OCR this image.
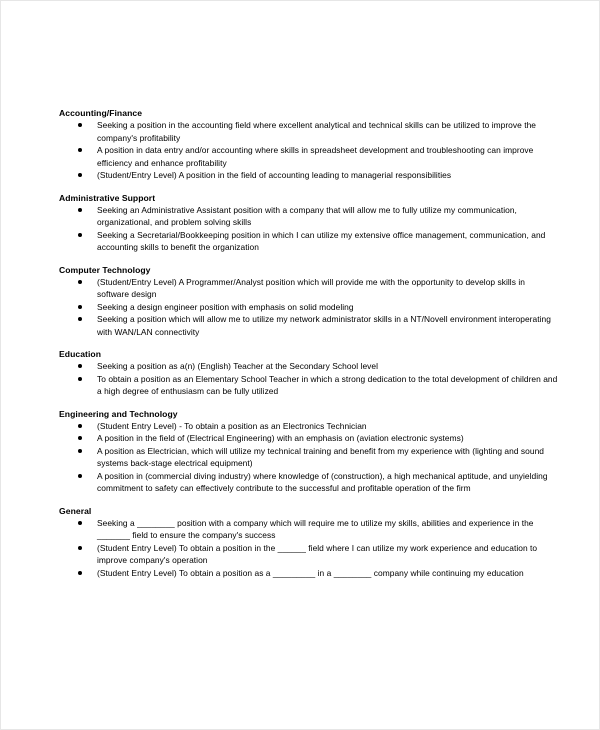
Accounting/Finance

Seeking a position in the accounting field where excellent analytical and technical skills can be utilized to improve the company's profitability
A position in data entry and/or accounting where skills in spreadsheet development and troubleshooting can improve efficiency and enhance profitability
(Student/Entry Level) A position in the field of accounting leading to managerial responsibilities

Administrative Support

Seeking an Administrative Assistant position with a company that will allow me to fully utilize my communication, organizational, and problem solving skills
Seeking a Secretarial/Bookkeeping position in which I can utilize my extensive office management, communication, and accounting skills to benefit the organization

Computer Technology

(Student/Entry Level) A Programmer/Analyst position which will provide me with the opportunity to develop skills in software design
Seeking a design engineer position with emphasis on solid modeling
Seeking a position which will allow me to utilize my network administrator skills in a NT/Novell environment interoperating with WAN/LAN connectivity

Education

Seeking a position as a(n) (English) Teacher at the Secondary School level
To obtain a position as an Elementary School Teacher in which a strong dedication to the total development of children and a high degree of enthusiasm can be fully utilized

Engineering and Technology

(Student Entry Level) - To obtain a position as an Electronics Technician
A position in the field of (Electrical Engineering) with an emphasis on (aviation electronic systems)
A position as Electrician, which will utilize my technical training and benefit from my experience with (lighting and sound systems back-stage electrical equipment)
A position in (commercial diving industry) where knowledge of (construction), a high mechanical aptitude, and unyielding commitment to safety can effectively contribute to the successful and profitable operation of the firm

General

Seeking a ________ position with a company which will require me to utilize my skills, abilities and experience in the _______ field to ensure the company's success
(Student Entry Level) To obtain a position in the ______ field where I can utilize my work experience and education to improve company's operation
(Student Entry Level) To obtain a position as a _________ in a ________ company while continuing my education
